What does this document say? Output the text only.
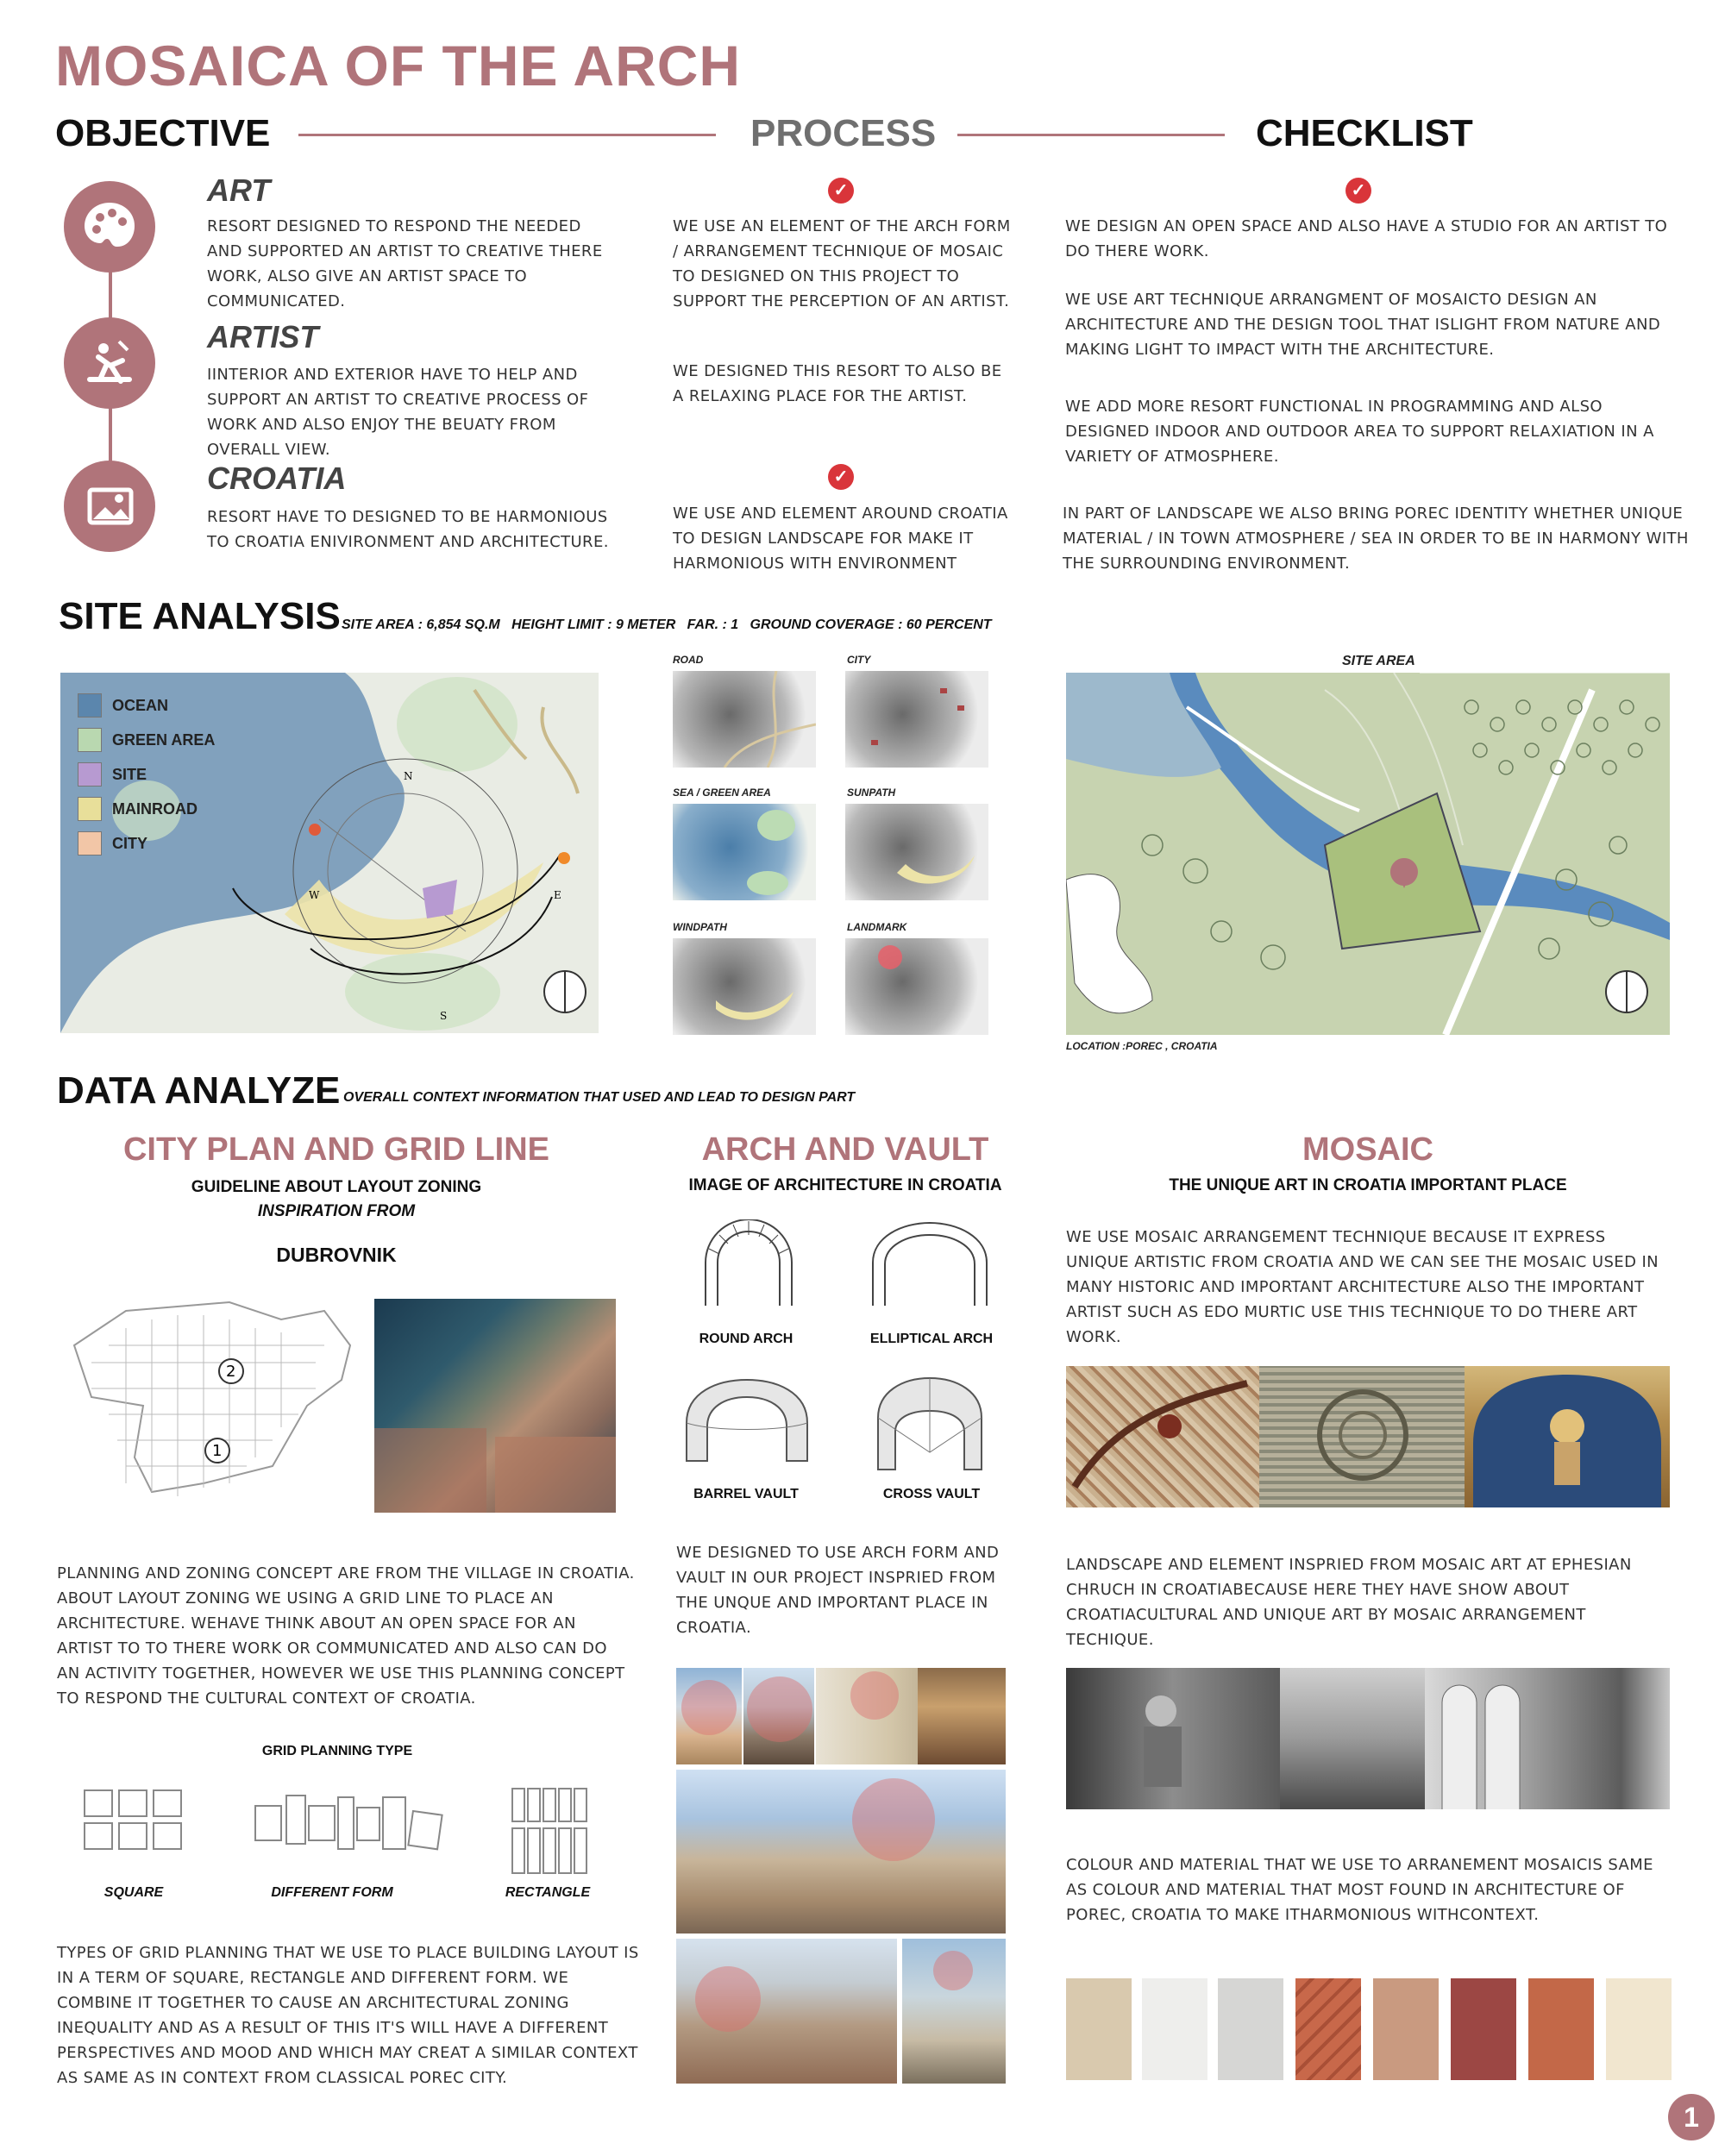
MOSAICA OF THE ARCH
OBJECTIVE	PROCESS	CHECKLIST
ART
RESORT DESIGNED TO RESPOND THE NEEDED AND SUPPORTED AN ARTIST TO CREATIVE THERE WORK, ALSO GIVE AN ARTIST SPACE TO COMMUNICATED.
ARTIST
IINTERIOR AND EXTERIOR HAVE TO HELP AND SUPPORT AN ARTIST TO CREATIVE PROCESS OF WORK AND ALSO ENJOY THE BEUATY FROM OVERALL VIEW.
CROATIA
RESORT HAVE TO DESIGNED TO BE HARMONIOUS TO CROATIA ENIVIRONMENT AND ARCHITECTURE.
✓
WE USE AN ELEMENT OF THE ARCH FORM / ARRANGEMENT TECHNIQUE OF MOSAIC TO DESIGNED ON THIS PROJECT TO SUPPORT THE PERCEPTION OF AN ARTIST.
WE DESIGNED THIS RESORT TO ALSO BE A RELAXING PLACE FOR THE ARTIST.
✓
WE USE AND ELEMENT AROUND CROATIA TO DESIGN LANDSCAPE FOR MAKE IT HARMONIOUS WITH ENVIRONMENT
✓
WE DESIGN AN OPEN SPACE AND ALSO HAVE A STUDIO FOR AN ARTIST TO DO THERE WORK.
WE USE ART TECHNIQUE ARRANGMENT OF MOSAICTO DESIGN AN ARCHITECTURE AND THE DESIGN TOOL THAT ISLIGHT FROM NATURE AND MAKING LIGHT TO IMPACT WITH THE ARCHITECTURE.
WE ADD MORE RESORT FUNCTIONAL IN PROGRAMMING AND ALSO DESIGNED INDOOR AND OUTDOOR AREA TO SUPPORT RELAXIATION IN A VARIETY OF ATMOSPHERE.
IN PART OF LANDSCAPE WE ALSO BRING POREC IDENTITY WHETHER UNIQUE MATERIAL / IN TOWN ATMOSPHERE / SEA IN ORDER TO BE IN HARMONY WITH THE SURROUNDING ENVIRONMENT.
SITE ANALYSIS SITE AREA : 6,854 SQ.M   HEIGHT LIMIT : 9 METER   FAR. : 1   GROUND COVERAGE : 60 PERCENT
N
W	E
S
OCEAN
GREEN AREA
SITE
MAINROAD
CITY
ROAD	CITY
SEA / GREEN AREA	SUNPATH
WINDPATH	LANDMARK
SITE AREA
LOCATION :POREC , CROATIA
DATA ANALYZE OVERALL CONTEXT INFORMATION THAT USED AND LEAD TO DESIGN PART
CITY PLAN AND GRID LINE
GUIDELINE ABOUT LAYOUT ZONING
INSPIRATION FROM
DUBROVNIK
2
1
PLANNING AND ZONING CONCEPT ARE FROM THE VILLAGE IN CROATIA. ABOUT LAYOUT ZONING WE USING A GRID LINE TO PLACE AN ARCHITECTURE. WEHAVE THINK ABOUT AN OPEN SPACE FOR AN ARTIST TO TO THERE WORK OR COMMUNICATED AND ALSO CAN DO AN ACTIVITY TOGETHER, HOWEVER WE USE THIS PLANNING CONCEPT TO RESPOND THE CULTURAL CONTEXT OF CROATIA.
GRID PLANNING TYPE
SQUARE	DIFFERENT FORM	RECTANGLE
TYPES OF GRID PLANNING THAT WE USE TO PLACE BUILDING LAYOUT IS IN A TERM OF SQUARE, RECTANGLE AND DIFFERENT FORM. WE COMBINE IT TOGETHER TO CAUSE AN ARCHITECTURAL ZONING INEQUALITY AND AS A RESULT OF THIS IT'S WILL HAVE A DIFFERENT PERSPECTIVES AND MOOD AND WHICH MAY CREAT A SIMILAR CONTEXT AS SAME AS IN CONTEXT FROM CLASSICAL POREC CITY.
ARCH AND VAULT
IMAGE OF ARCHITECTURE IN CROATIA
ROUND ARCH	ELLIPTICAL ARCH
BARREL VAULT	CROSS VAULT
WE DESIGNED TO USE ARCH FORM AND VAULT IN OUR PROJECT INSPRIED FROM THE UNQUE AND IMPORTANT PLACE IN CROATIA.
MOSAIC
THE UNIQUE ART IN CROATIA IMPORTANT PLACE
WE USE MOSAIC ARRANGEMENT TECHNIQUE BECAUSE IT EXPRESS UNIQUE ARTISTIC FROM CROATIA AND WE CAN SEE THE MOSAIC USED IN MANY HISTORIC AND IMPORTANT ARCHITECTURE ALSO THE IMPORTANT ARTIST SUCH AS EDO MURTIC USE THIS TECHNIQUE TO DO THERE ART WORK.
LANDSCAPE AND ELEMENT INSPRIED FROM MOSAIC ART AT EPHESIAN CHRUCH IN CROATIABECAUSE HERE THEY HAVE SHOW ABOUT CROATIACULTURAL AND UNIQUE ART BY MOSAIC ARRANGEMENT TECHIQUE.
COLOUR AND MATERIAL THAT WE USE TO ARRANEMENT MOSAICIS SAME AS COLOUR AND MATERIAL THAT MOST FOUND IN ARCHITECTURE OF POREC, CROATIA TO MAKE ITHARMONIOUS WITHCONTEXT.
1
